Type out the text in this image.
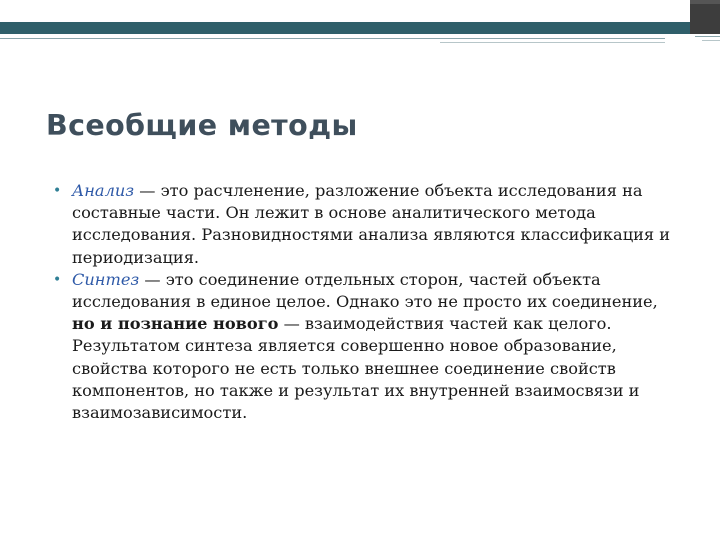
Всеобщие методы
• Анализ — это расчленение, разложение объекта исследования на составные части. Он лежит в основе аналитического метода исследования. Разновидностями анализа являются классификация и периодизация.
• Синтез — это соединение отдельных сторон, частей объекта исследования в единое целое. Однако это не просто их соединение, но и познание нового — взаимодействия частей как целого. Результатом синтеза является совершенно новое образование, свойства которого не есть только внешнее соединение свойств компонентов, но также и результат их внутренней взаимосвязи и взаимозависимости.
